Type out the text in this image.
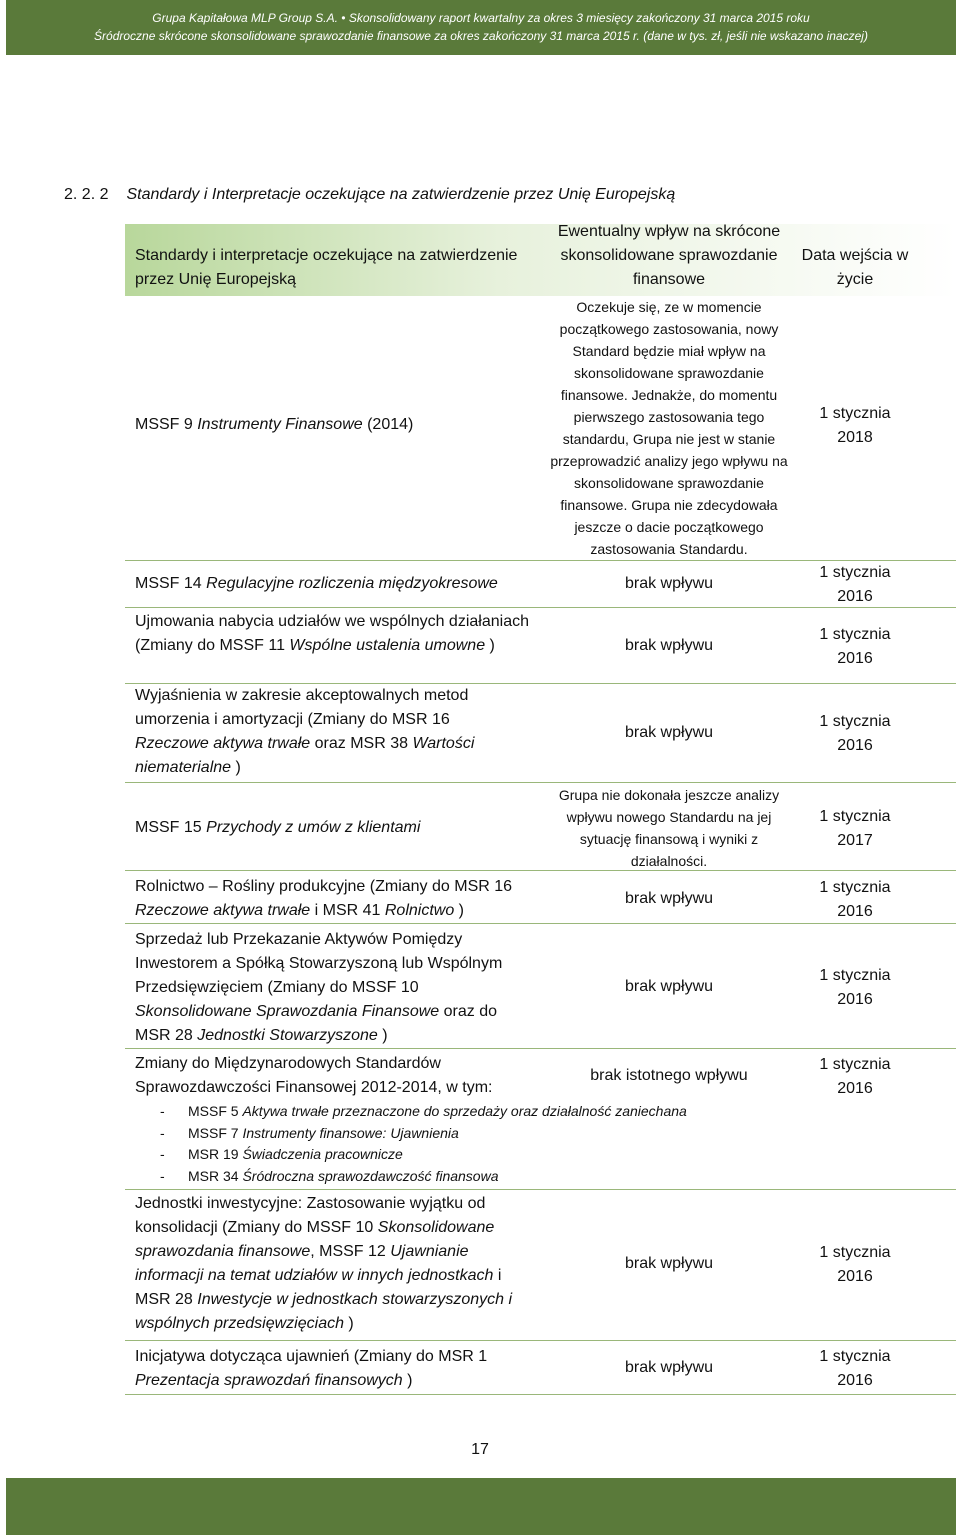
Grupa Kapitałowa MLP Group S.A. • Skonsolidowany raport kwartalny za okres 3 miesięcy zakończony 31 marca 2015 roku
Śródroczne skrócone skonsolidowane sprawozdanie finansowe za okres zakończony 31 marca 2015 r. (dane w tys. zł, jeśli nie wskazano inaczej)
2. 2. 2 Standardy i Interpretacje oczekujące na zatwierdzenie przez Unię Europejską
Standardy i interpretacje oczekujące na zatwierdzenie przez Unię Europejską
Ewentualny wpływ na skrócone skonsolidowane sprawozdanie finansowe
Data wejścia w życie
MSSF 9 Instrumenty Finansowe (2014)
Oczekuje się, ze w momencie początkowego zastosowania, nowy Standard będzie miał wpływ na skonsolidowane sprawozdanie finansowe. Jednakże, do momentu pierwszego zastosowania tego standardu, Grupa nie jest w stanie przeprowadzić analizy jego wpływu na skonsolidowane sprawozdanie finansowe. Grupa nie zdecydowała jeszcze o dacie początkowego zastosowania Standardu.
1 stycznia
2018
MSSF 14 Regulacyjne rozliczenia międzyokresowe	brak wpływu
1 stycznia
2016
Ujmowania nabycia udziałów we wspólnych działaniach (Zmiany do MSSF 11 Wspólne ustalenia umowne )	brak wpływu
1 stycznia
2016
Wyjaśnienia w zakresie akceptowalnych metod umorzenia i amortyzacji (Zmiany do MSR 16 Rzeczowe aktywa trwałe oraz MSR 38 Wartości niematerialne )
brak wpływu
1 stycznia
2016
MSSF 15 Przychody z umów z klientami
Grupa nie dokonała jeszcze analizy wpływu nowego Standardu na jej sytuację finansową i wyniki z działalności.
1 stycznia
2017
Rolnictwo – Rośliny produkcyjne (Zmiany do MSR 16 Rzeczowe aktywa trwałe i MSR 41 Rolnictwo )
brak wpływu
1 stycznia
2016
Sprzedaż lub Przekazanie Aktywów Pomiędzy Inwestorem a Spółką Stowarzyszoną lub Wspólnym Przedsięwzięciem (Zmiany do MSSF 10 Skonsolidowane Sprawozdania Finansowe oraz do MSR 28 Jednostki Stowarzyszone )
brak wpływu
1 stycznia
2016
Zmiany do Międzynarodowych Standardów Sprawozdawczości Finansowej 2012-2014, w tym:
brak istotnego wpływu
1 stycznia
2016
- MSSF 5 Aktywa trwałe przeznaczone do sprzedaży oraz działalność zaniechana
- MSSF 7 Instrumenty finansowe: Ujawnienia
- MSR 19 Świadczenia pracownicze
- MSR 34 Śródroczna sprawozdawczość finansowa
Jednostki inwestycyjne: Zastosowanie wyjątku od konsolidacji (Zmiany do MSSF 10 Skonsolidowane sprawozdania finansowe, MSSF 12 Ujawnianie informacji na temat udziałów w innych jednostkach i MSR 28 Inwestycje w jednostkach stowarzyszonych i wspólnych przedsięwzięciach )
brak wpływu
1 stycznia
2016
Inicjatywa dotycząca ujawnień (Zmiany do MSR 1 Prezentacja sprawozdań finansowych )
brak wpływu
1 stycznia
2016
17
